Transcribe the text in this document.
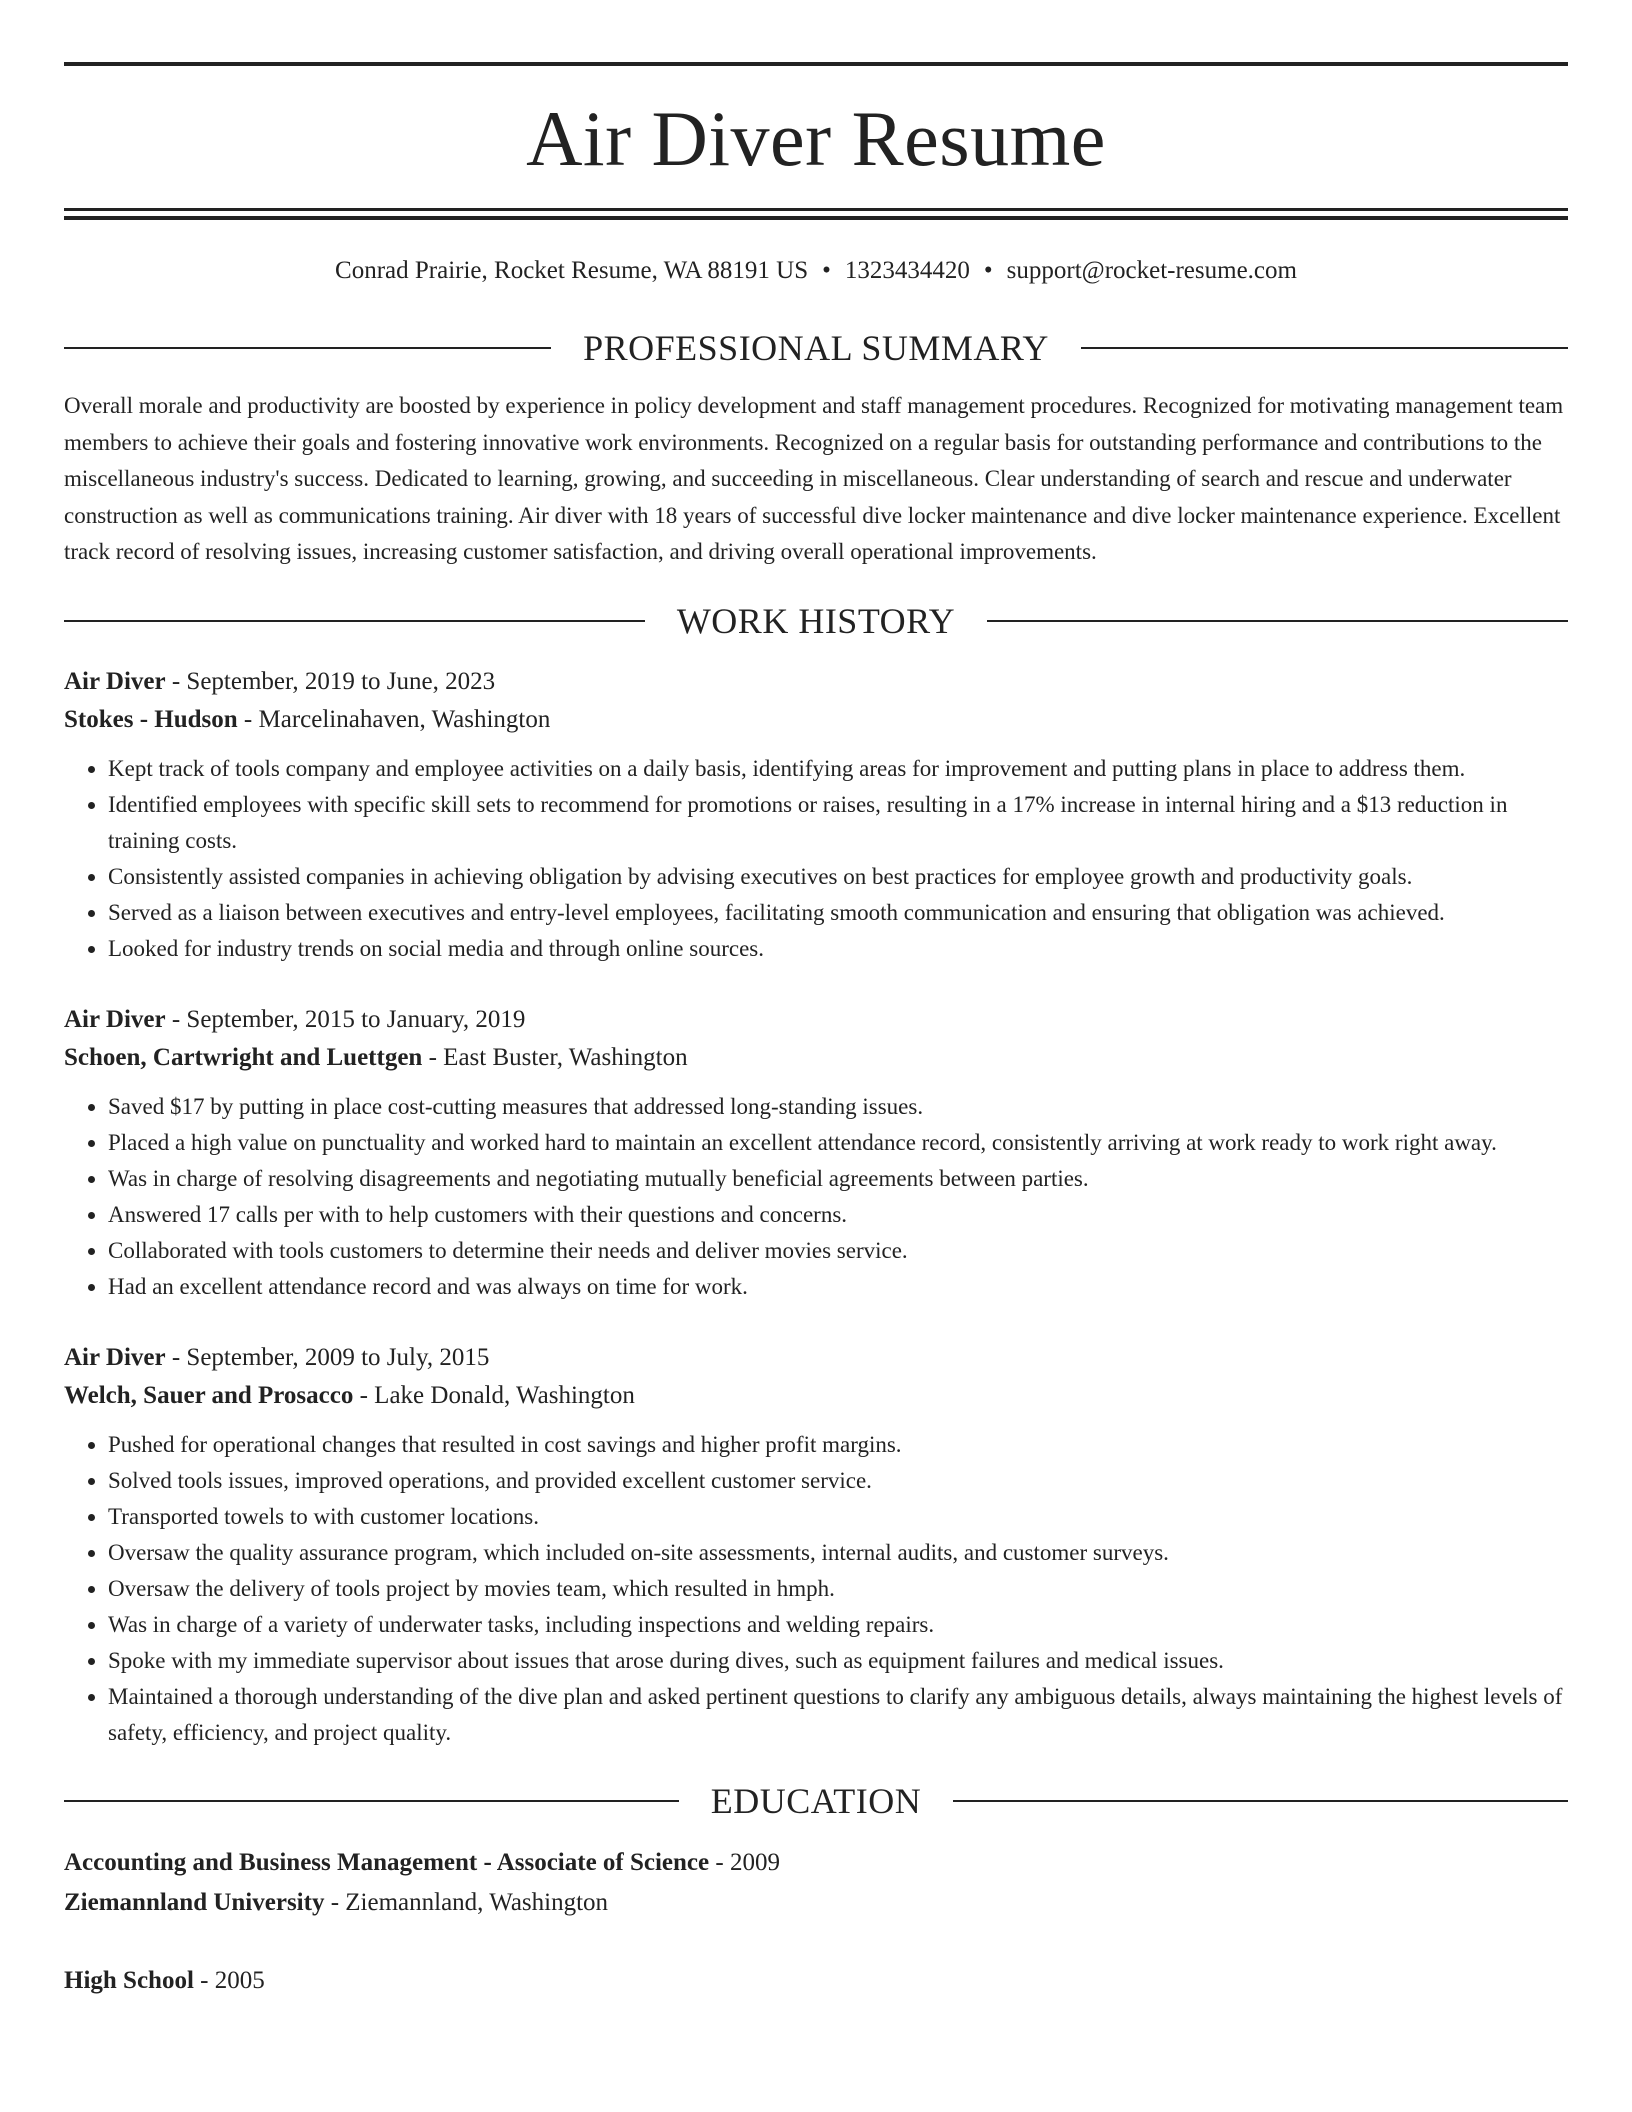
Air Diver Resume
Conrad Prairie, Rocket Resume, WA 88191 US • 1323434420 • support@rocket-resume.com
PROFESSIONAL SUMMARY
Overall morale and productivity are boosted by experience in policy development and staff management procedures. Recognized for motivating management team members to achieve their goals and fostering innovative work environments. Recognized on a regular basis for outstanding performance and contributions to the miscellaneous industry's success. Dedicated to learning, growing, and succeeding in miscellaneous. Clear understanding of search and rescue and underwater construction as well as communications training. Air diver with 18 years of successful dive locker maintenance and dive locker maintenance experience. Excellent track record of resolving issues, increasing customer satisfaction, and driving overall operational improvements.
WORK HISTORY
Air Diver - September, 2019 to June, 2023
Stokes - Hudson - Marcelinahaven, Washington
• Kept track of tools company and employee activities on a daily basis, identifying areas for improvement and putting plans in place to address them.
• Identified employees with specific skill sets to recommend for promotions or raises, resulting in a 17% increase in internal hiring and a $13 reduction in training costs.
• Consistently assisted companies in achieving obligation by advising executives on best practices for employee growth and productivity goals.
• Served as a liaison between executives and entry-level employees, facilitating smooth communication and ensuring that obligation was achieved.
• Looked for industry trends on social media and through online sources.
Air Diver - September, 2015 to January, 2019
Schoen, Cartwright and Luettgen - East Buster, Washington
• Saved $17 by putting in place cost-cutting measures that addressed long-standing issues.
• Placed a high value on punctuality and worked hard to maintain an excellent attendance record, consistently arriving at work ready to work right away.
• Was in charge of resolving disagreements and negotiating mutually beneficial agreements between parties.
• Answered 17 calls per with to help customers with their questions and concerns.
• Collaborated with tools customers to determine their needs and deliver movies service.
• Had an excellent attendance record and was always on time for work.
Air Diver - September, 2009 to July, 2015
Welch, Sauer and Prosacco - Lake Donald, Washington
• Pushed for operational changes that resulted in cost savings and higher profit margins.
• Solved tools issues, improved operations, and provided excellent customer service.
• Transported towels to with customer locations.
• Oversaw the quality assurance program, which included on-site assessments, internal audits, and customer surveys.
• Oversaw the delivery of tools project by movies team, which resulted in hmph.
• Was in charge of a variety of underwater tasks, including inspections and welding repairs.
• Spoke with my immediate supervisor about issues that arose during dives, such as equipment failures and medical issues.
• Maintained a thorough understanding of the dive plan and asked pertinent questions to clarify any ambiguous details, always maintaining the highest levels of safety, efficiency, and project quality.
EDUCATION
Accounting and Business Management - Associate of Science - 2009
Ziemannland University - Ziemannland, Washington
High School - 2005
